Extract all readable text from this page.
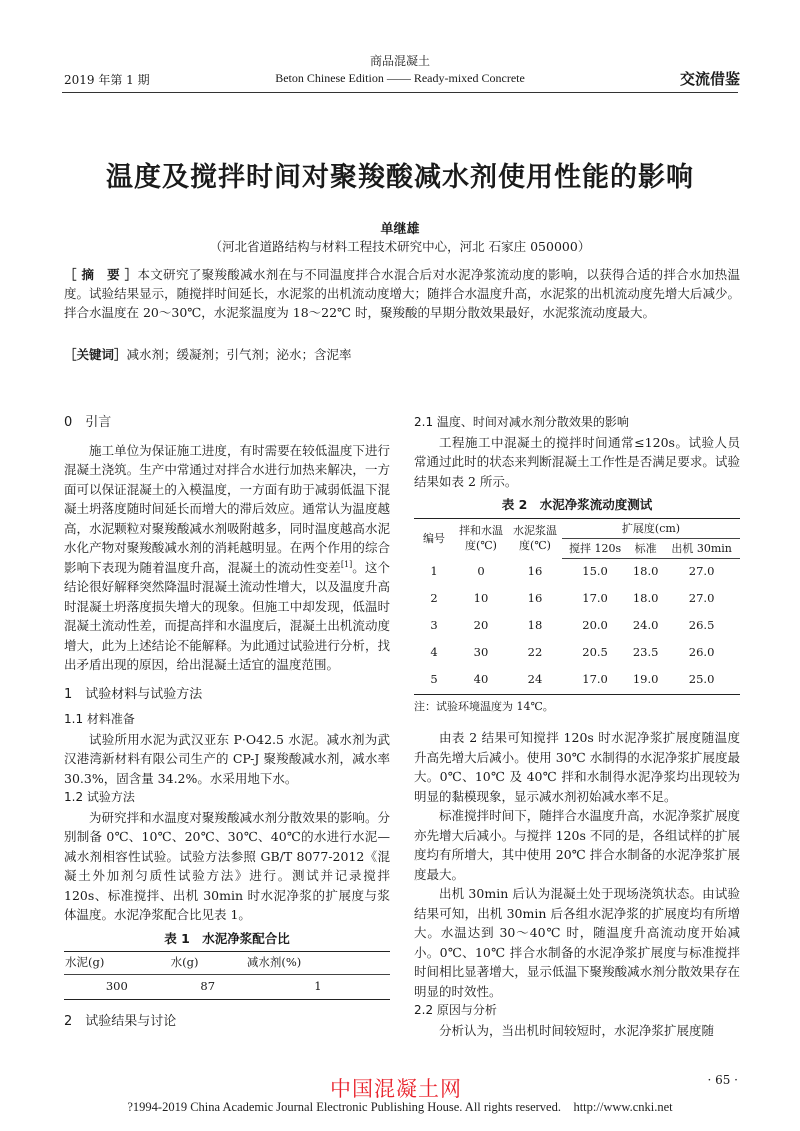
商品混凝土
2019 年第 1 期	Beton Chinese Edition —— Ready-mixed Concrete	交流借鉴
温度及搅拌时间对聚羧酸减水剂使用性能的影响
单继雄
（河北省道路结构与材料工程技术研究中心，河北 石家庄 050000）
［ 摘　要 ］本文研究了聚羧酸减水剂在与不同温度拌合水混合后对水泥净浆流动度的影响，以获得合适的拌合水加热温度。试验结果显示，随搅拌时间延长，水泥浆的出机流动度增大；随拌合水温度升高，水泥浆的出机流动度先增大后减少。拌合水温度在 20～30℃，水泥浆温度为 18～22℃ 时，聚羧酸的早期分散效果最好，水泥浆流动度最大。
［关键词］减水剂；缓凝剂；引气剂；泌水；含泥率

0　引言

施工单位为保证施工进度，有时需要在较低温度下进行混凝土浇筑。生产中常通过对拌合水进行加热来解决，一方面可以保证混凝土的入模温度，一方面有助于减弱低温下混凝土坍落度随时间延长而增大的滞后效应。通常认为温度越高，水泥颗粒对聚羧酸减水剂吸附越多，同时温度越高水泥水化产物对聚羧酸减水剂的消耗越明显。在两个作用的综合影响下表现为随着温度升高，混凝土的流动性变差[1]。这个结论很好解释突然降温时混凝土流动性增大，以及温度升高时混凝土坍落度损失增大的现象。但施工中却发现，低温时混凝土流动性差，而提高拌和水温度后，混凝土出机流动度增大，此为上述结论不能解释。为此通过试验进行分析，找出矛盾出现的原因，给出混凝土适宜的温度范围。

1　试验材料与试验方法

1.1 材料准备

试验所用水泥为武汉亚东 P·O42.5 水泥。减水剂为武汉港湾新材料有限公司生产的 CP-J 聚羧酸减水剂，减水率 30.3%，固含量 34.2%。水采用地下水。

1.2 试验方法

为研究拌和水温度对聚羧酸减水剂分散效果的影响。分别制备 0℃、10℃、20℃、30℃、40℃的水进行水泥—减水剂相容性试验。试验方法参照 GB/T 8077-2012《混凝土外加剂匀质性试验方法》进行。测试并记录搅拌 120s、标准搅拌、出机 30min 时水泥净浆的扩展度与浆体温度。水泥净浆配合比见表 1。

表 1　水泥净浆配合比

水泥(g)	水(g)	减水剂(%)
300	87	1

2　试验结果与讨论

2.1 温度、时间对减水剂分散效果的影响

工程施工中混凝土的搅拌时间通常≤120s。试验人员常通过此时的状态来判断混凝土工作性是否满足要求。试验结果如表 2 所示。

表 2　水泥净浆流动度测试

编号	拌和水温度(℃)	水泥浆温度(℃)	扩展度(cm)		
			搅拌 120s	标准	出机 30min
1	0	16	15.0	18.0	27.0
2	10	16	17.0	18.0	27.0
3	20	18	20.0	24.0	26.5
4	30	22	20.5	23.5	26.0
5	40	24	17.0	19.0	25.0

注：试验环境温度为 14℃。

由表 2 结果可知搅拌 120s 时水泥净浆扩展度随温度升高先增大后减小。使用 30℃ 水制得的水泥净浆扩展度最大。0℃、10℃ 及 40℃ 拌和水制得水泥净浆均出现较为明显的黏模现象，显示减水剂初始减水率不足。

标准搅拌时间下，随拌合水温度升高，水泥净浆扩展度亦先增大后减小。与搅拌 120s 不同的是，各组试样的扩展度均有所增大，其中使用 20℃ 拌合水制备的水泥净浆扩展度最大。

出机 30min 后认为混凝土处于现场浇筑状态。由试验结果可知，出机 30min 后各组水泥净浆的扩展度均有所增大。水温达到 30～40℃ 时，随温度升高流动度开始减小。0℃、10℃ 拌合水制备的水泥净浆扩展度与标准搅拌时间相比显著增大，显示低温下聚羧酸减水剂分散效果存在明显的时效性。

2.2 原因与分析

分析认为，当出机时间较短时，水泥净浆扩展度随

· 65 ·
中国混凝土网
?1994-2019 China Academic Journal Electronic Publishing House. All rights reserved.　http://www.cnki.net
